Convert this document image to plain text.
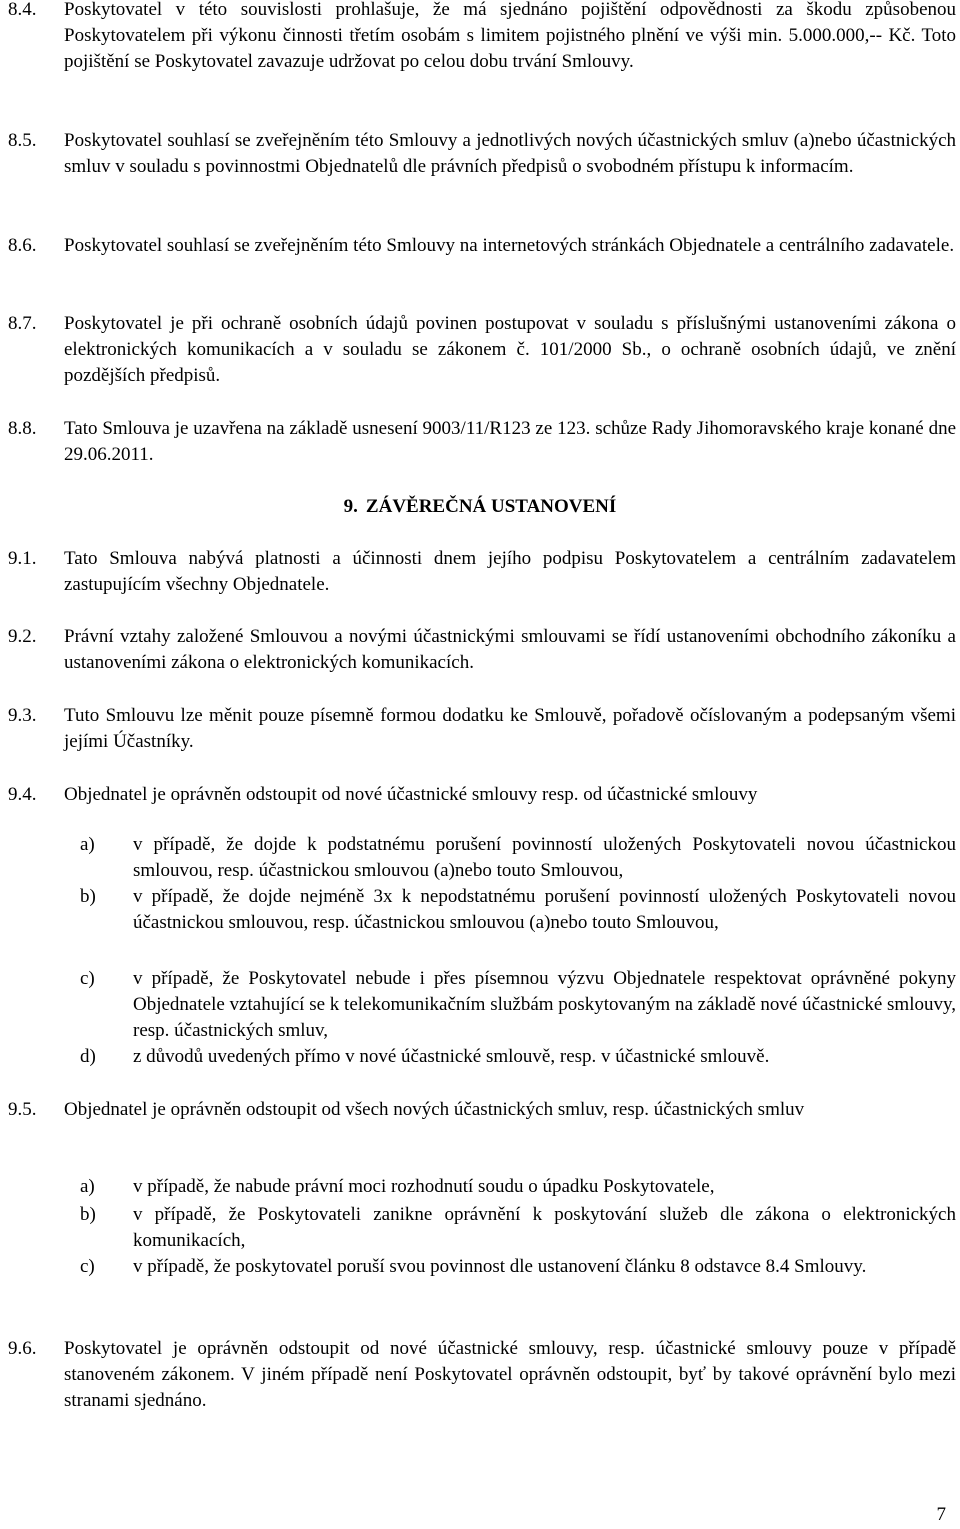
8.4.	Poskytovatel v této souvislosti prohlašuje, že má sjednáno pojištění odpovědnosti za škodu způsobenou Poskytovatelem při výkonu činnosti třetím osobám s limitem pojistného plnění ve výši min. 5.000.000,-- Kč. Toto pojištění se Poskytovatel zavazuje udržovat po celou dobu trvání Smlouvy.
8.5.	Poskytovatel souhlasí se zveřejněním této Smlouvy a jednotlivých nových účastnických smluv (a)nebo účastnických smluv v souladu s povinnostmi Objednatelů dle právních předpisů o svobodném přístupu k informacím.
8.6.	Poskytovatel souhlasí se zveřejněním této Smlouvy na internetových stránkách Objednatele a centrálního zadavatele.
8.7.	Poskytovatel je při ochraně osobních údajů povinen postupovat v souladu s příslušnými ustanoveními zákona o elektronických komunikacích a v souladu se zákonem č. 101/2000 Sb., o ochraně osobních údajů, ve znění pozdějších předpisů.
8.8.	Tato Smlouva je uzavřena na základě usnesení 9003/11/R123 ze 123. schůze Rady Jihomoravského kraje konané dne 29.06.2011.
9. ZÁVĚREČNÁ USTANOVENÍ
9.1.	Tato Smlouva nabývá platnosti a účinnosti dnem jejího podpisu Poskytovatelem a centrálním zadavatelem zastupujícím všechny Objednatele.
9.2.	Právní vztahy založené Smlouvou a novými účastnickými smlouvami se řídí ustanoveními obchodního zákoníku a ustanoveními zákona o elektronických komunikacích.
9.3.	Tuto Smlouvu lze měnit pouze písemně formou dodatku ke Smlouvě, pořadově očíslovaným a podepsaným všemi jejími Účastníky.
9.4.	Objednatel je oprávněn odstoupit od nové účastnické smlouvy resp. od účastnické smlouvy
a)	v případě, že dojde k podstatnému porušení povinností uložených Poskytovateli novou účastnickou smlouvou, resp. účastnickou smlouvou (a)nebo touto Smlouvou,
b)	v případě, že dojde nejméně 3x k nepodstatnému porušení povinností uložených Poskytovateli novou účastnickou smlouvou, resp. účastnickou smlouvou (a)nebo touto Smlouvou,
c)	v případě, že Poskytovatel nebude i přes písemnou výzvu Objednatele respektovat oprávněné pokyny Objednatele vztahující se k telekomunikačním službám poskytovaným na základě nové účastnické smlouvy, resp. účastnických smluv,
d)	z důvodů uvedených přímo v nové účastnické smlouvě, resp. v účastnické smlouvě.
9.5.	Objednatel je oprávněn odstoupit od všech nových účastnických smluv, resp. účastnických smluv
a)	v případě, že nabude právní moci rozhodnutí soudu o úpadku Poskytovatele,
b)	v případě, že Poskytovateli zanikne oprávnění k poskytování služeb dle zákona o elektronických komunikacích,
c)	v případě, že poskytovatel poruší svou povinnost dle ustanovení článku 8 odstavce 8.4 Smlouvy.
9.6.	Poskytovatel je oprávněn odstoupit od nové účastnické smlouvy, resp. účastnické smlouvy pouze v případě stanoveném zákonem. V jiném případě není Poskytovatel oprávněn odstoupit, byť by takové oprávnění bylo mezi stranami sjednáno.
7
